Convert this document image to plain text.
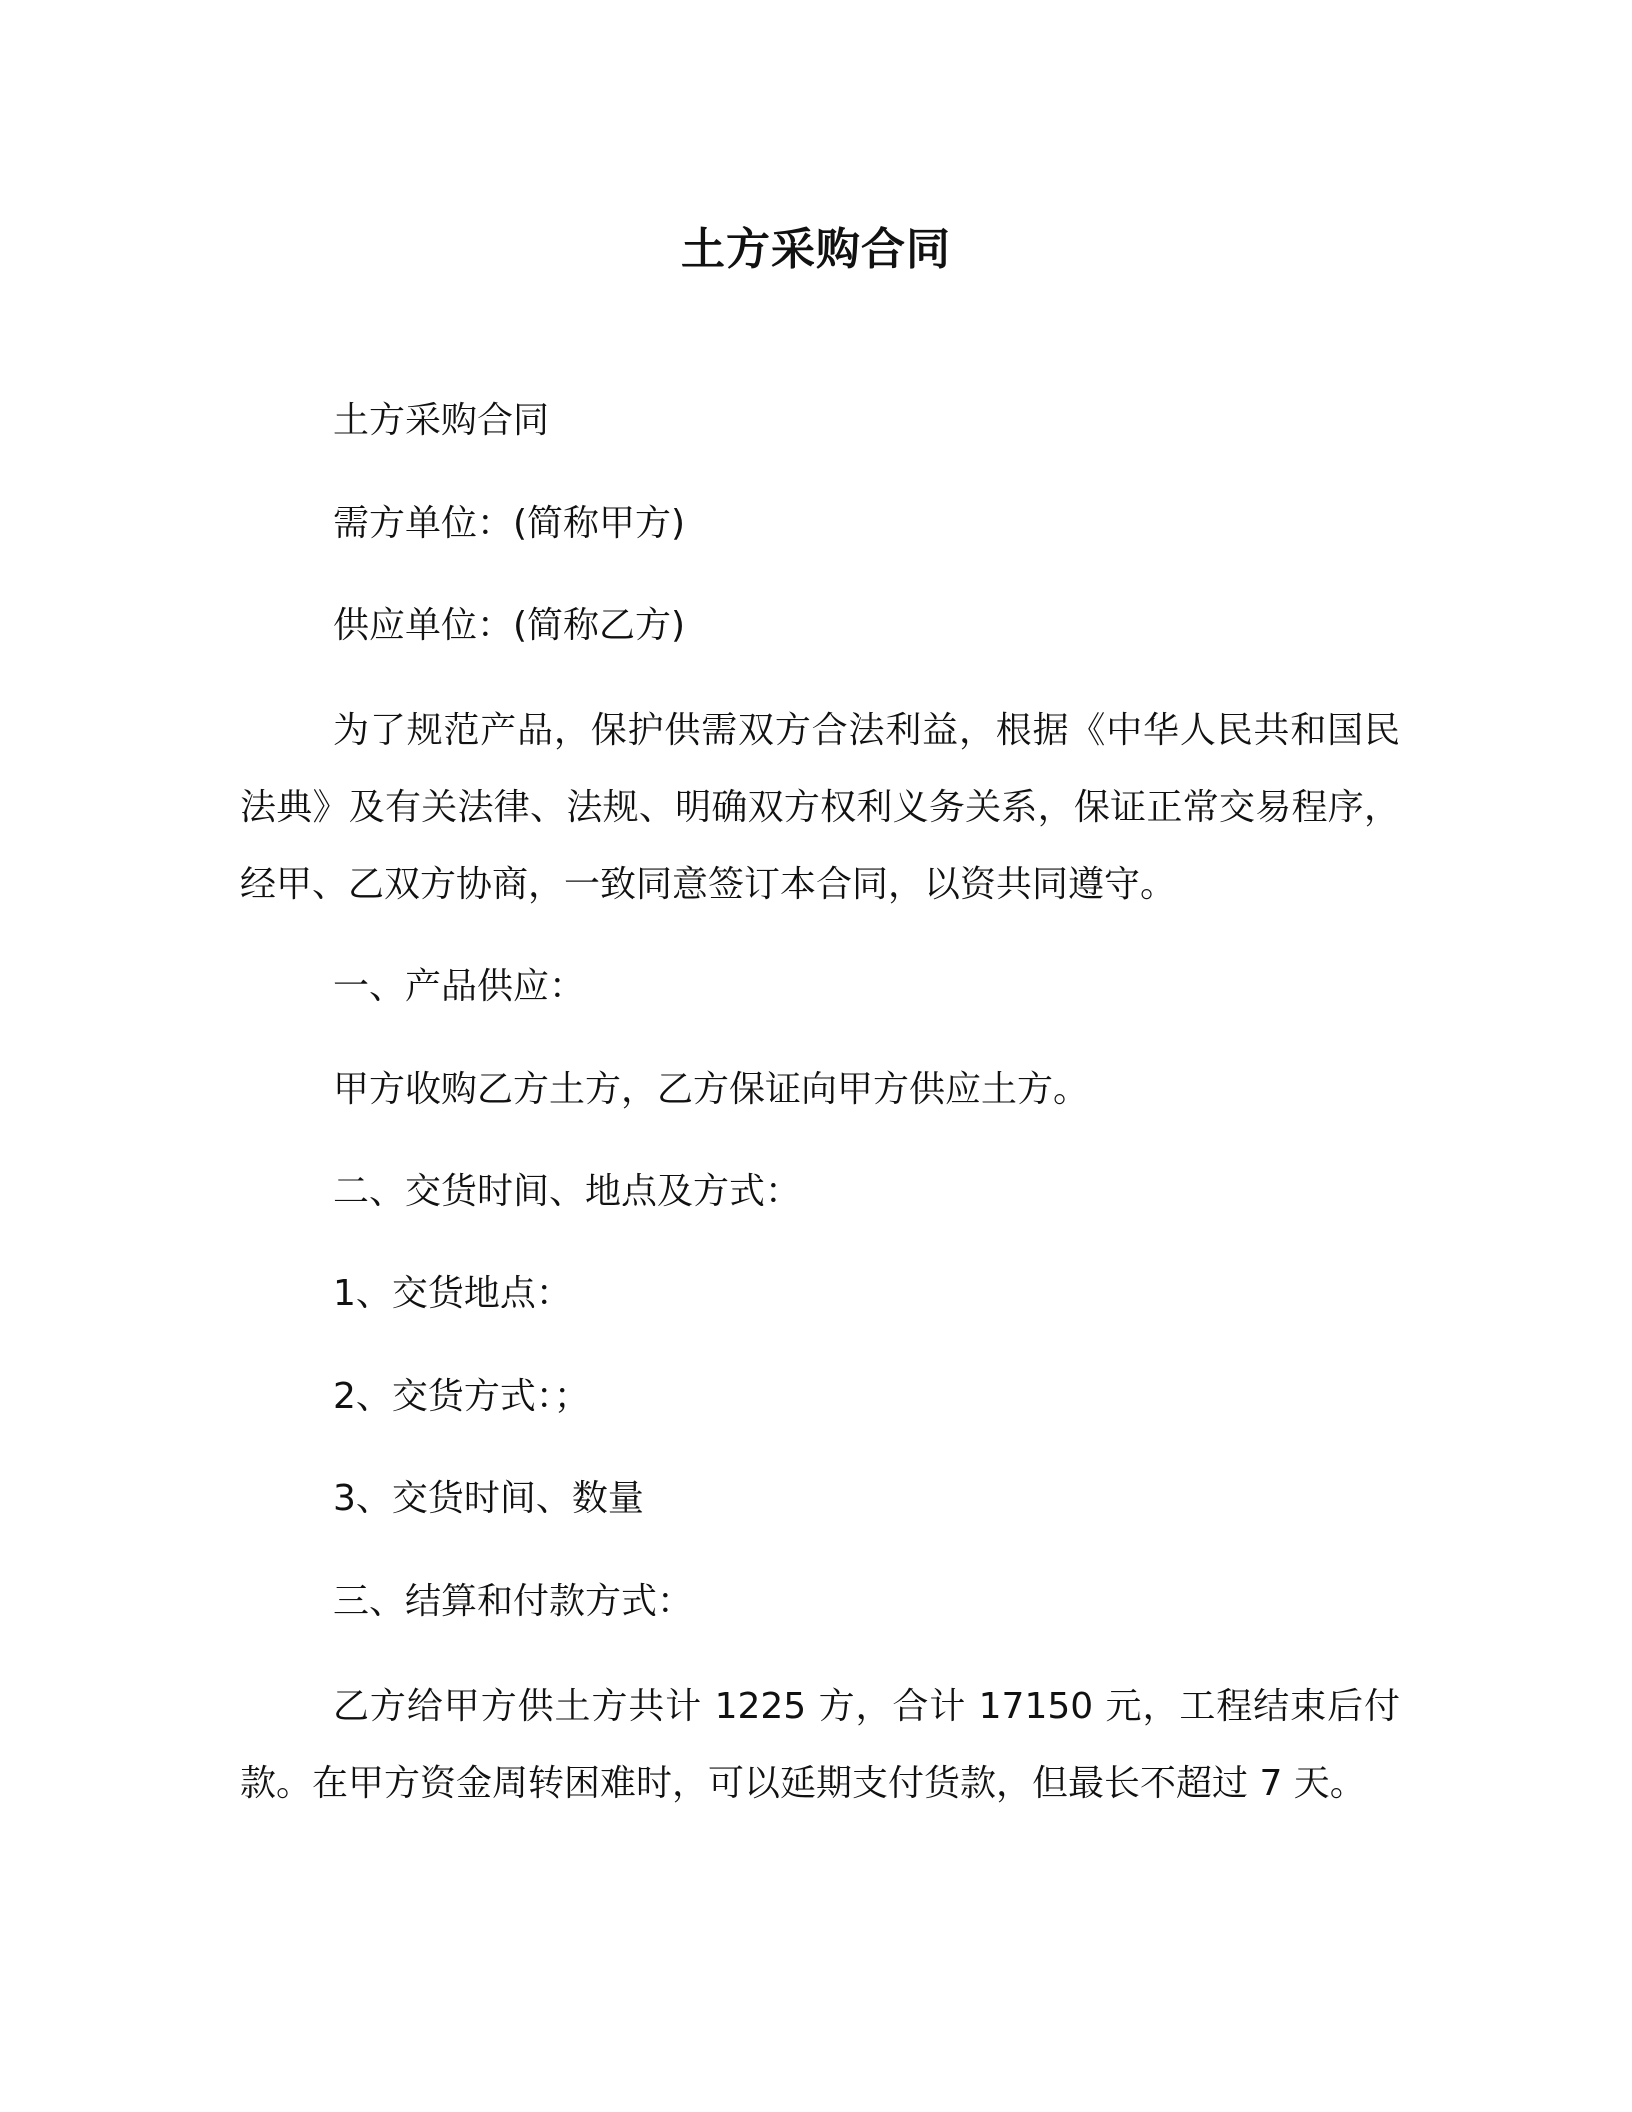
土方采购合同
土方采购合同
需方单位：(简称甲方)
供应单位：(简称乙方)

为了规范产品，保护供需双方合法利益，根据《中华人民共和国民法典》及有关法律、法规、明确双方权利义务关系，保证正常交易程序，经甲、乙双方协商，一致同意签订本合同，以资共同遵守。

一、产品供应：
甲方收购乙方土方，乙方保证向甲方供应土方。
二、交货时间、地点及方式：
1、交货地点：
2、交货方式：；
3、交货时间、数量
三、结算和付款方式：

乙方给甲方供土方共计 1225 方，合计 17150 元，工程结束后付款。在甲方资金周转困难时，可以延期支付货款，但最长不超过 7 天。
